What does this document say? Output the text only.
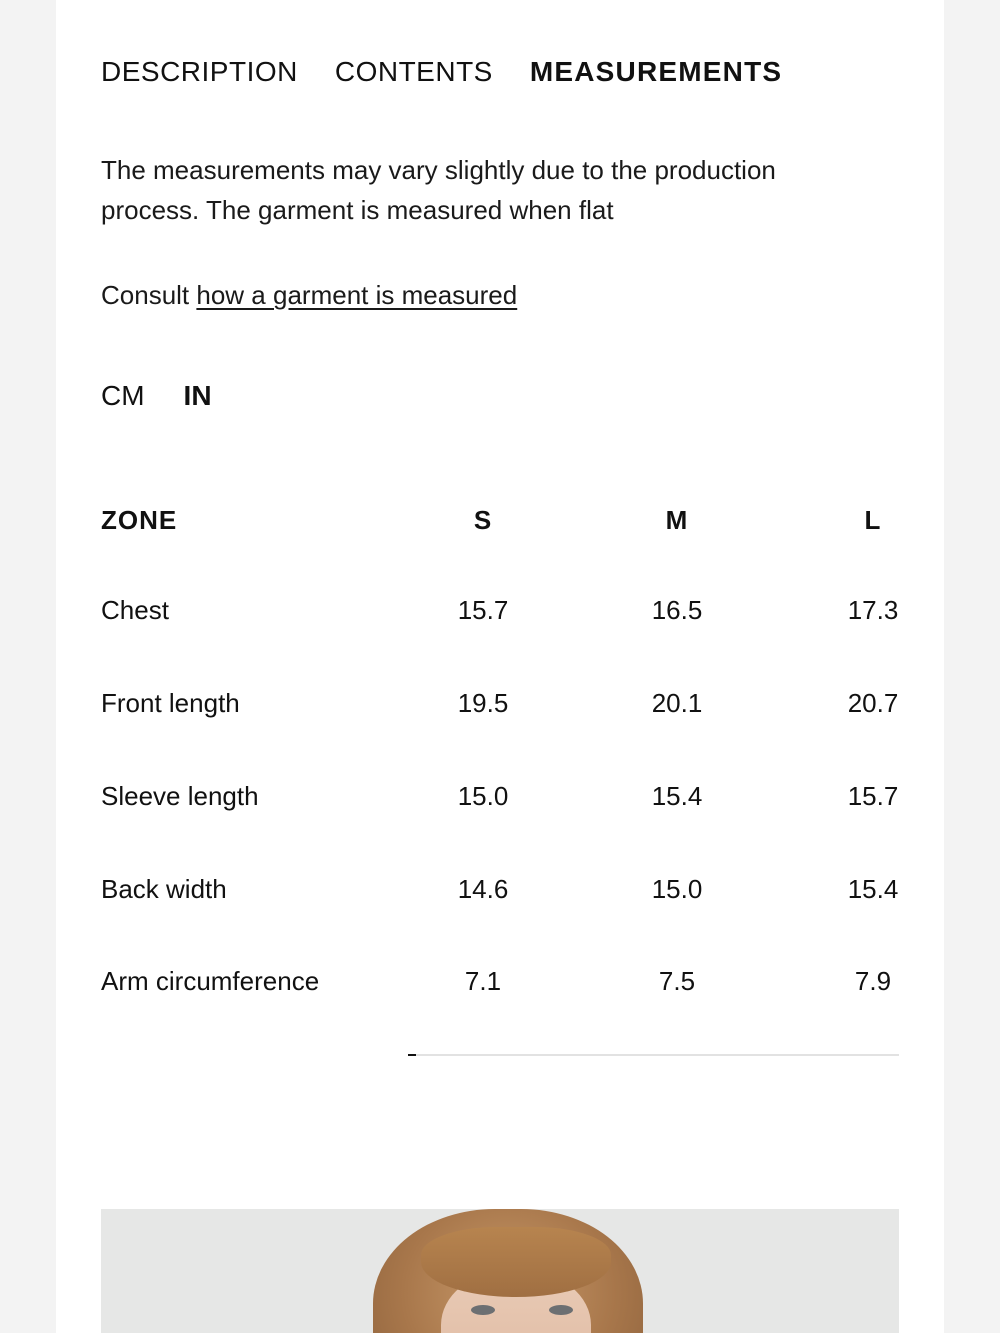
DESCRIPTION CONTENTS MEASUREMENTS

The measurements may vary slightly due to the production process. The garment is measured when flat

Consult how a garment is measured
CM IN
ZONE	S	M	L
Chest	15.7	16.5	17.3
Front length	19.5	20.1	20.7
Sleeve length	15.0	15.4	15.7
Back width	14.6	15.0	15.4
Arm circumference	7.1	7.5	7.9
